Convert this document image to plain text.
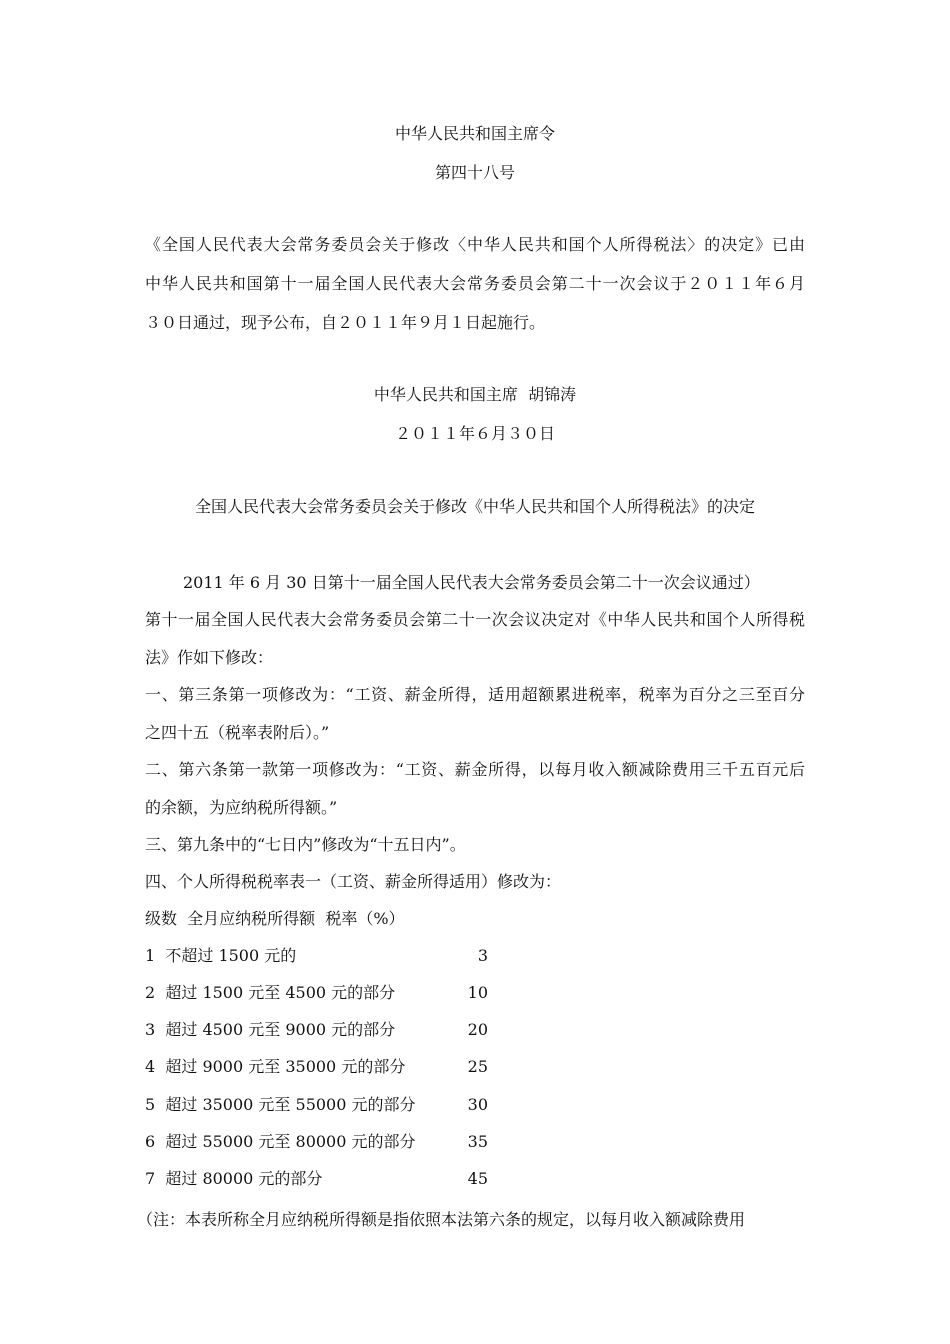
中华人民共和国主席令
第四十八号
《全国人民代表大会常务委员会关于修改〈中华人民共和国个人所得税法〉的决定》已由
中华人民共和国第十一届全国人民代表大会常务委员会第二十一次会议于２０１１年６月
３０日通过，现予公布，自２０１１年９月１日起施行。
中华人民共和国主席  胡锦涛
２０１１年６月３０日
全国人民代表大会常务委员会关于修改《中华人民共和国个人所得税法》的决定
2011 年 6 月 30 日第十一届全国人民代表大会常务委员会第二十一次会议通过）
第十一届全国人民代表大会常务委员会第二十一次会议决定对《中华人民共和国个人所得税
法》作如下修改：
一、第三条第一项修改为：“工资、薪金所得，适用超额累进税率，税率为百分之三至百分
之四十五（税率表附后）。”
二、第六条第一款第一项修改为：“工资、薪金所得，以每月收入额减除费用三千五百元后
的余额，为应纳税所得额。”
三、第九条中的“七日内”修改为“十五日内”。
四、个人所得税税率表一（工资、薪金所得适用）修改为：
级数  全月应纳税所得额  税率（%）
1  不超过 1500 元的	3
2  超过 1500 元至 4500 元的部分	10
3  超过 4500 元至 9000 元的部分	20
4  超过 9000 元至 35000 元的部分	25
5  超过 35000 元至 55000 元的部分	30
6  超过 55000 元至 80000 元的部分	35
7  超过 80000 元的部分	45
（注：本表所称全月应纳税所得额是指依照本法第六条的规定，以每月收入额减除费用
